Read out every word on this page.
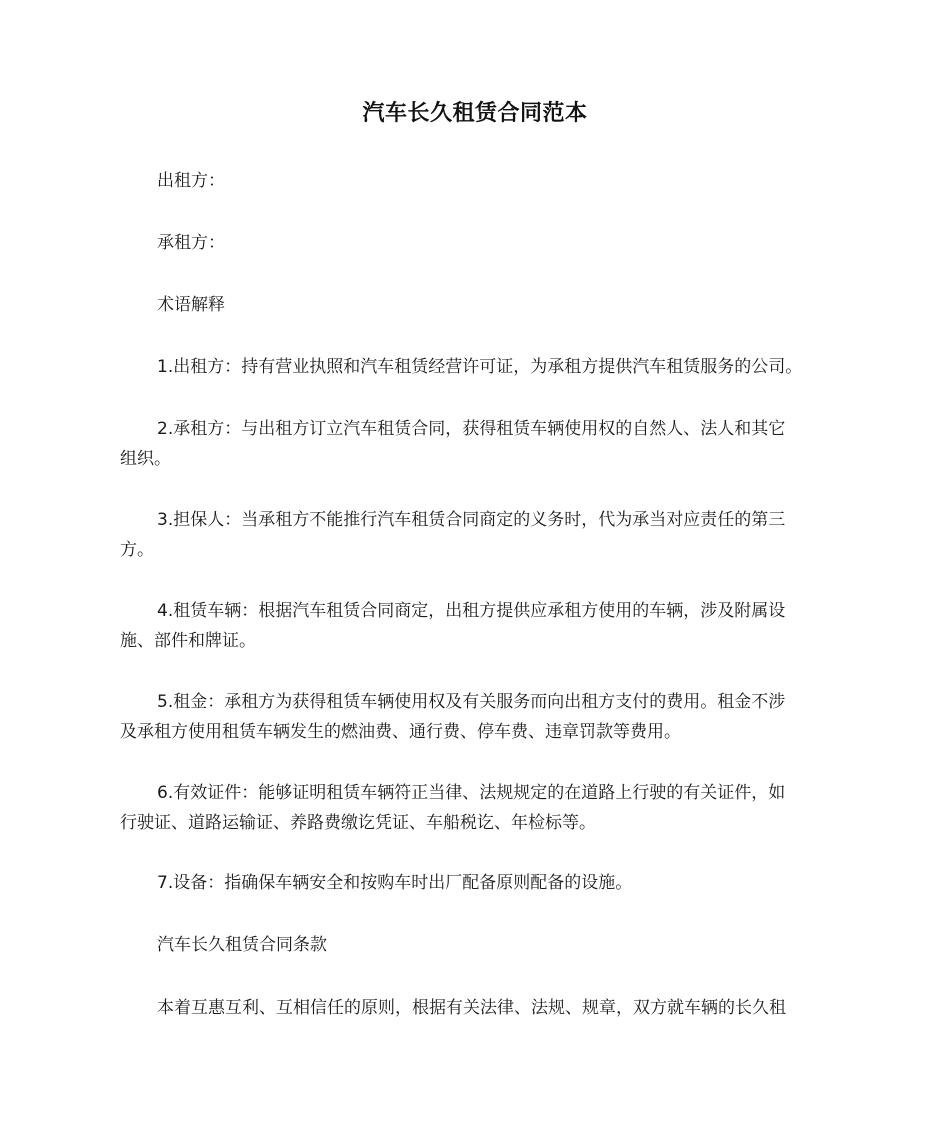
汽车长久租赁合同范本
出租方：
承租方：
术语解释
1.出租方：持有营业执照和汽车租赁经营许可证，为承租方提供汽车租赁服务的公司。
2.承租方：与出租方订立汽车租赁合同，获得租赁车辆使用权的自然人、法人和其它
组织。
3.担保人：当承租方不能推行汽车租赁合同商定的义务时，代为承当对应责任的第三
方。
4.租赁车辆：根据汽车租赁合同商定，出租方提供应承租方使用的车辆，涉及附属设
施、部件和牌证。
5.租金：承租方为获得租赁车辆使用权及有关服务而向出租方支付的费用。租金不涉
及承租方使用租赁车辆发生的燃油费、通行费、停车费、违章罚款等费用。
6.有效证件：能够证明租赁车辆符正当律、法规规定的在道路上行驶的有关证件，如
行驶证、道路运输证、养路费缴讫凭证、车船税讫、年检标等。
7.设备：指确保车辆安全和按购车时出厂配备原则配备的设施。
汽车长久租赁合同条款
本着互惠互利、互相信任的原则，根据有关法律、法规、规章，双方就车辆的长久租
